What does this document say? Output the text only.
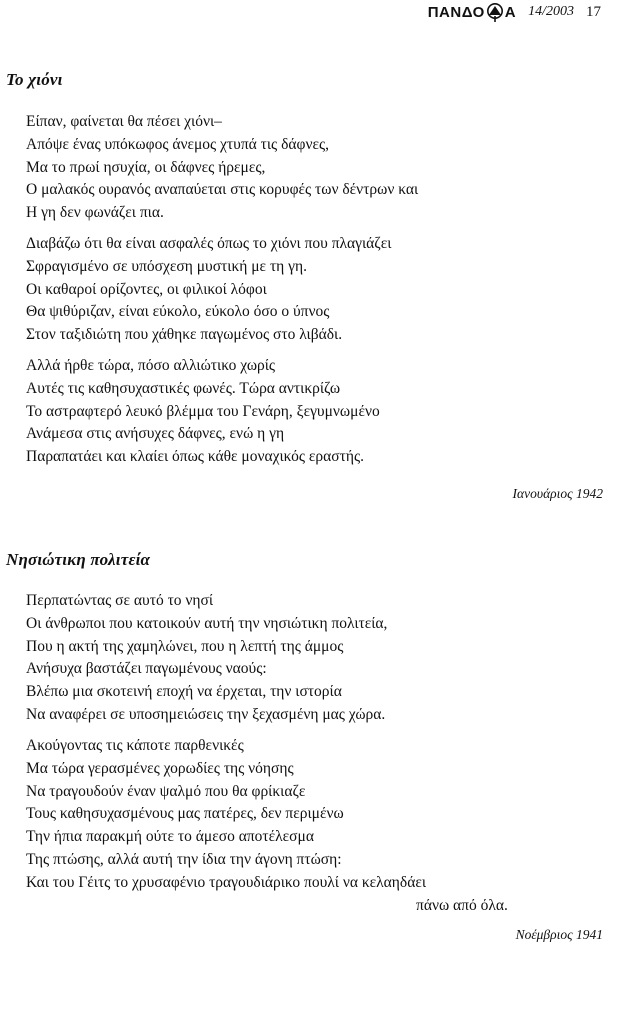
ΠΑΝΔΟ Α 14/2003 17
Το χιόνι
Είπαν, φαίνεται θα πέσει χιόνι–
Απόψε ένας υπόκωφος άνεμος χτυπά τις δάφνες,
Μα το πρωί ησυχία, οι δάφνες ήρεμες,
Ο μαλακός ουρανός αναπαύεται στις κορυφές των δέντρων και
Η γη δεν φωνάζει πια.
Διαβάζω ότι θα είναι ασφαλές όπως το χιόνι που πλαγιάζει
Σφραγισμένο σε υπόσχεση μυστική με τη γη.
Οι καθαροί ορίζοντες, οι φιλικοί λόφοι
Θα ψιθύριζαν, είναι εύκολο, εύκολο όσο ο ύπνος
Στον ταξιδιώτη που χάθηκε παγωμένος στο λιβάδι.
Αλλά ήρθε τώρα, πόσο αλλιώτικο χωρίς
Αυτές τις καθησυχαστικές φωνές. Τώρα αντικρίζω
Το αστραφτερό λευκό βλέμμα του Γενάρη, ξεγυμνωμένο
Ανάμεσα στις ανήσυχες δάφνες, ενώ η γη
Παραπατάει και κλαίει όπως κάθε μοναχικός εραστής.
Ιανουάριος 1942
Νησιώτικη πολιτεία
Περπατώντας σε αυτό το νησί
Οι άνθρωποι που κατοικούν αυτή την νησιώτικη πολιτεία,
Που η ακτή της χαμηλώνει, που η λεπτή της άμμος
Ανήσυχα βαστάζει παγωμένους ναούς:
Βλέπω μια σκοτεινή εποχή να έρχεται, την ιστορία
Να αναφέρει σε υποσημειώσεις την ξεχασμένη μας χώρα.
Ακούγοντας τις κάποτε παρθενικές
Μα τώρα γερασμένες χορωδίες της νόησης
Να τραγουδούν έναν ψαλμό που θα φρίκιαζε
Τους καθησυχασμένους μας πατέρες, δεν περιμένω
Την ήπια παρακμή ούτε το άμεσο αποτέλεσμα
Της πτώσης, αλλά αυτή την ίδια την άγονη πτώση:
Και του Γέιτς το χρυσαφένιο τραγουδιάρικο πουλί να κελαηδάει
πάνω από όλα.
Νοέμβριος 1941
